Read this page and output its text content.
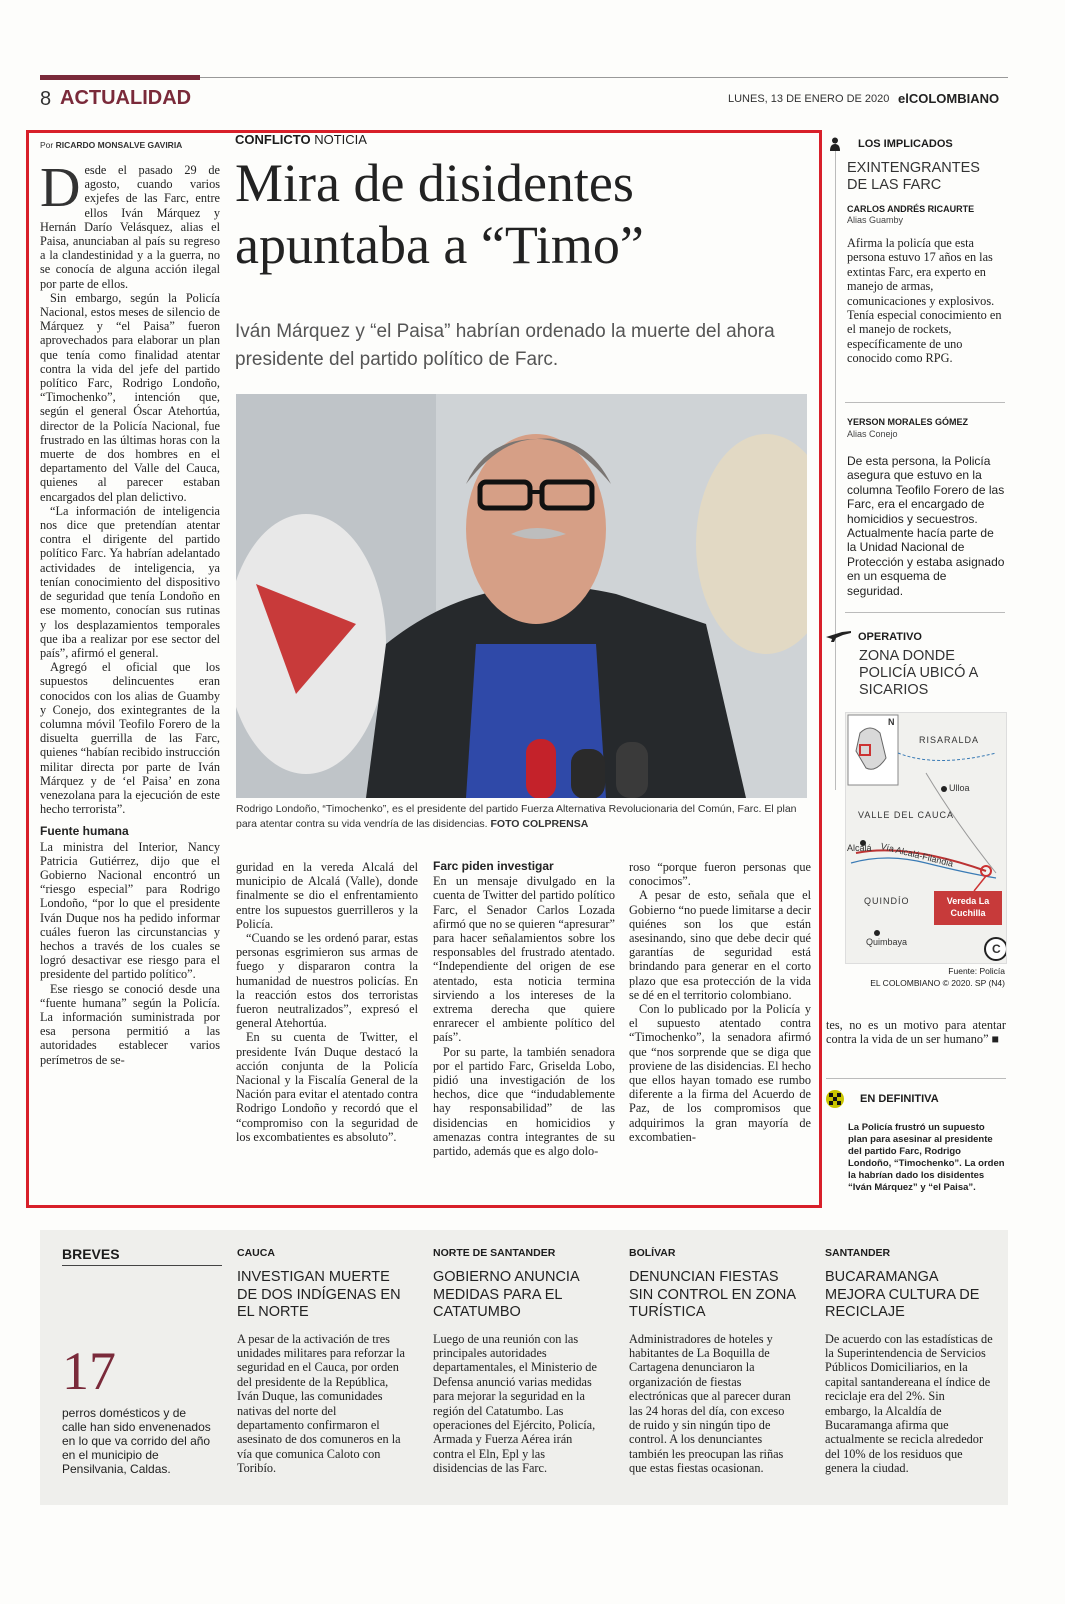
8 ACTUALIDAD	LUNES, 13 DE ENERO DE 2020 elCOLOMBIANO
Por RICARDO MONSALVE GAVIRIA
D esde el pasado 29 de agosto, cuando varios exjefes de las Farc, entre ellos Iván Márquez y Hernán Darío Velásquez, alias el Paisa, anunciaban al país su regreso a la clandestinidad y a la guerra, no se conocía de alguna acción ilegal por parte de ellos.

Sin embargo, según la Policía Nacional, estos meses de silencio de Márquez y “el Paisa” fueron aprovechados para elaborar un plan que tenía como finalidad atentar contra la vida del jefe del partido político Farc, Rodrigo Londoño, “Timochenko”, intención que, según el general Óscar Atehortúa, director de la Policía Nacional, fue frustrado en las últimas horas con la muerte de dos hombres en el departamento del Valle del Cauca, quienes al parecer estaban encargados del plan delictivo.

“La información de inteligencia nos dice que pretendían atentar contra el dirigente del partido político Farc. Ya habrían adelantado actividades de inteligencia, ya tenían conocimiento del dispositivo de seguridad que tenía Londoño en ese momento, conocían sus rutinas y los desplazamientos temporales que iba a realizar por ese sector del país”, afirmó el general.

Agregó el oficial que los supuestos delincuentes eran conocidos con los alias de Guamby y Conejo, dos exintegrantes de la columna móvil Teofilo Forero de la disuelta guerrilla de las Farc, quienes “habían recibido instrucción militar directa por parte de Iván Márquez y de ‘el Paisa’ en zona venezolana para la ejecución de este hecho terrorista”.

Fuente humana

La ministra del Interior, Nancy Patricia Gutiérrez, dijo que el Gobierno Nacional encontró un “riesgo especial” para Rodrigo Londoño, “por lo que el presidente Iván Duque nos ha pedido informar cuáles fueron las circunstancias y hechos a través de los cuales se logró desactivar ese riesgo para el presidente del partido político”.

Ese riesgo se conoció desde una “fuente humana” según la Policía. La información suministrada por esa persona permitió a las autoridades establecer varios perímetros de se-

CONFLICTO NOTICIA
Mira de disidentes apuntaba a “Timo”
Iván Márquez y “el Paisa” habrían ordenado la muerte del ahora presidente del partido político de Farc.
Rodrigo Londoño, “Timochenko”, es el presidente del partido Fuerza Alternativa Revolucionaria del Común, Farc. El plan para atentar contra su vida vendría de las disidencias. FOTO COLPRENSA

guridad en la vereda Alcalá del municipio de Alcalá (Valle), donde finalmente se dio el enfrentamiento entre los supuestos guerrilleros y la Policía.

“Cuando se les ordenó parar, estas personas esgrimieron sus armas de fuego y dispararon contra la humanidad de nuestros policías. En la reacción estos dos terroristas fueron neutralizados”, expresó el general Atehortúa.

En su cuenta de Twitter, el presidente Iván Duque destacó la acción conjunta de la Policía Nacional y la Fiscalía General de la Nación para evitar el atentado contra Rodrigo Londoño y recordó que el “compromiso con la seguridad de los excombatientes es absoluto”.

Farc piden investigar

En un mensaje divulgado en la cuenta de Twitter del partido político Farc, el Senador Carlos Lozada afirmó que no se quieren “apresurar” para hacer señalamientos sobre los responsables del frustrado atentado. “Independiente del origen de ese atentado, esta noticia termina sirviendo a los intereses de la extrema derecha que quiere enrarecer el ambiente político del país”.

Por su parte, la también senadora por el partido Farc, Griselda Lobo, pidió una investigación de los hechos, dice que “indudablemente hay responsabilidad” de las disidencias en homicidios y amenazas contra integrantes de su partido, además que es algo dolo-

roso “porque fueron personas que conocimos”.

A pesar de esto, señala que el Gobierno “no puede limitarse a decir quiénes son los que están asesinando, sino que debe decir qué garantías de seguridad está brindando para generar en el corto plazo que esa protección de la vida se dé en el territorio colombiano.

Con lo publicado por la Policía y el supuesto atentado contra “Timochenko”, la senadora afirmó que “nos sorprende que se diga que proviene de las disidencias. El hecho que ellos hayan tomado ese rumbo diferente a la firma del Acuerdo de Paz, de los compromisos que adquirimos la gran mayoría de excombatien-

tes, no es un motivo para atentar contra la vida de un ser humano” ■

LOS IMPLICADOS
EXINTENGRANTES DE LAS FARC
CARLOS ANDRÉS RICAURTE
Alias Guamby
Afirma la policía que esta persona estuvo 17 años en las extintas Farc, era experto en manejo de armas, comunicaciones y explosivos. Tenía especial conocimiento en el manejo de rockets, específicamente de uno conocido como RPG.
YERSON MORALES GÓMEZ
Alias Conejo
De esta persona, la Policía asegura que estuvo en la columna Teofilo Forero de las Farc, era el encargado de homicidios y secuestros. Actualmente hacía parte de la Unidad Nacional de Protección y estaba asignado en un esquema de seguridad.
OPERATIVO
ZONA DONDE POLICÍA UBICÓ A SICARIOS
N
RISARALDA
Ulloa
VALLE DEL CAUCA
Alcalá Vía Alcalá-Filandia
QUINDÍO	Vereda La Cuchilla
Quimbaya	C
Fuente: Policía
EL COLOMBIANO © 2020. SP (N4)
EN DEFINITIVA
La Policía frustró un supuesto plan para asesinar al presidente del partido Farc, Rodrigo Londoño, “Timochenko”. La orden la habrían dado los disidentes “Iván Márquez” y “el Paisa”.
BREVES
17
perros domésticos y de calle han sido envenenados en lo que va corrido del año en el municipio de Pensilvania, Caldas.
CAUCA
INVESTIGAN MUERTE DE DOS INDÍGENAS EN EL NORTE
A pesar de la activación de tres unidades militares para reforzar la seguridad en el Cauca, por orden del presidente de la República, Iván Duque, las comunidades nativas del norte del departamento confirmaron el asesinato de dos comuneros en la vía que comunica Caloto con Toribío.
NORTE DE SANTANDER
GOBIERNO ANUNCIA MEDIDAS PARA EL CATATUMBO
Luego de una reunión con las principales autoridades departamentales, el Ministerio de Defensa anunció varias medidas para mejorar la seguridad en la región del Catatumbo. Las operaciones del Ejército, Policía, Armada y Fuerza Aérea irán contra el Eln, Epl y las disidencias de las Farc.
BOLÍVAR
DENUNCIAN FIESTAS SIN CONTROL EN ZONA TURÍSTICA
Administradores de hoteles y habitantes de La Boquilla de Cartagena denunciaron la organización de fiestas electrónicas que al parecer duran las 24 horas del día, con exceso de ruido y sin ningún tipo de control. A los denunciantes también les preocupan las riñas que estas fiestas ocasionan.
SANTANDER
BUCARAMANGA MEJORA CULTURA DE RECICLAJE
De acuerdo con las estadísticas de la Superintendencia de Servicios Públicos Domiciliarios, en la capital santandereana el índice de reciclaje era del 2%. Sin embargo, la Alcaldía de Bucaramanga afirma que actualmente se recicla alrededor del 10% de los residuos que genera la ciudad.
